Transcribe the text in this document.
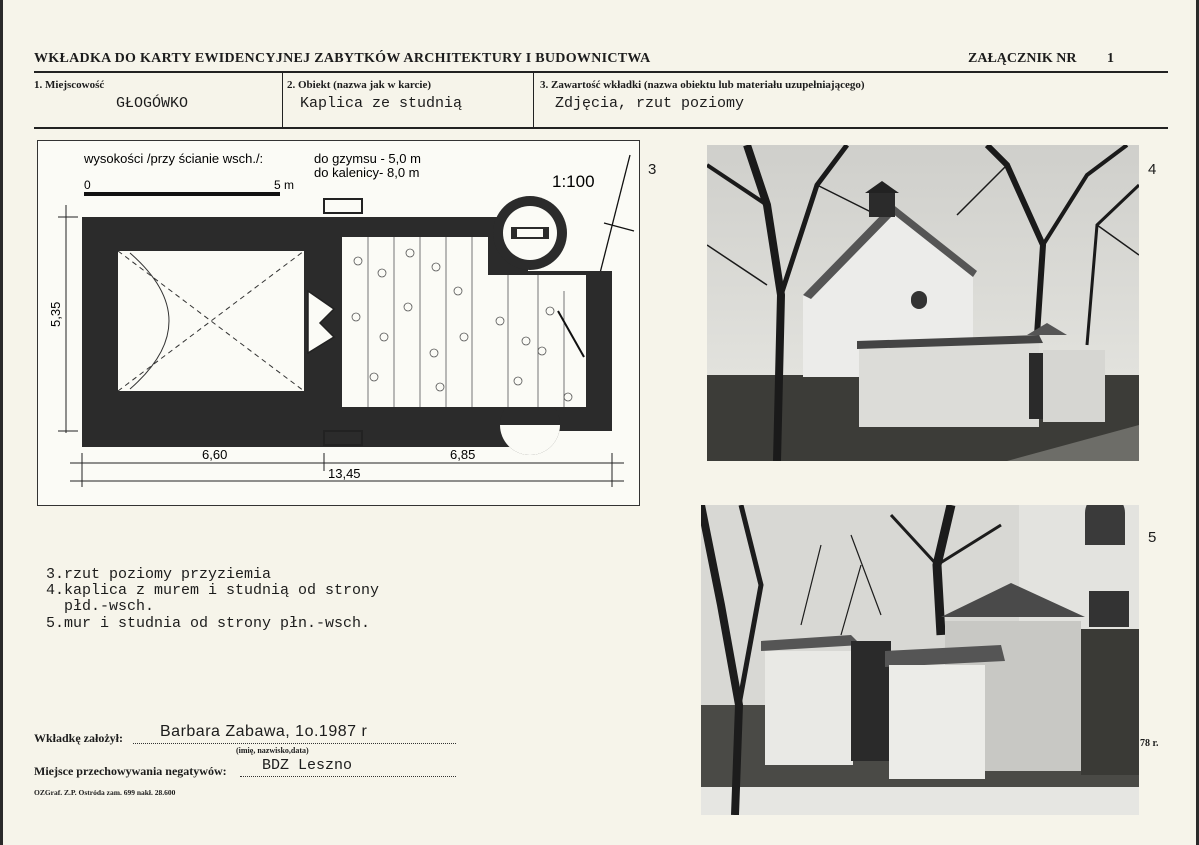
WKŁADKA DO KARTY EWIDENCYJNEJ ZABYTKÓW ARCHITEKTURY I BUDOWNICTWA	ZAŁĄCZNIK NR 1
1. Miejscowość
GŁOGÓWKO
2. Obiekt (nazwa jak w karcie)
Kaplica ze studnią
3. Zawartość wkładki (nazwa obiektu lub materiału uzupełniającego)
Zdjęcia, rzut poziomy
wysokości /przy ścianie wsch./:	do gzymsu - 5,0 m
do kalenicy- 8,0 m	1:100
0	5 m
5,35
6,60	6,85
13,45
3	4
5
78 r.
3.rzut poziomy przyziemia
4.kaplica z murem i studnią od strony
płd.-wsch.
5.mur i studnia od strony płn.-wsch.
Wkładkę założył: Barbara Zabawa, 1o.1987 r
(imię, nazwisko,data)
Miejsce przechowywania negatywów: BDZ Leszno
OZGraf. Z.P. Ostróda zam. 699 nakł. 28.600
